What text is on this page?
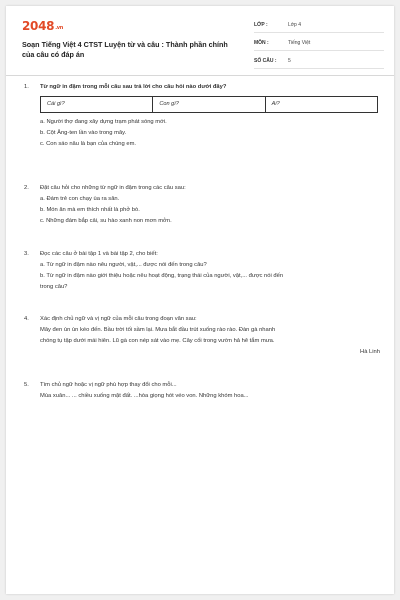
2048.vn
Soạn Tiếng Việt 4 CTST Luyện từ và câu : Thành phần chính của câu có đáp án
LỚP :	Lớp 4
MÔN :	Tiếng Việt
SỐ CÂU : 5
1. Từ ngữ in đậm trong mỗi câu sau trả lời cho câu hỏi nào dưới đây?
Cái gì?	Con gì?	Ai?
a. Người thợ đang xây dựng trạm phát sóng mới.
b. Cột Ăng-ten lần vào trong mây.
c. Con sáo nâu là bạn của chúng em.
2. Đặt câu hỏi cho những từ ngữ in đậm trong các câu sau:
a. Đám trẻ con chạy ùa ra sân.
b. Món ăn mà em thích nhất là phở bò.
c. Những đám bắp cải, su hào xanh non mơn mởn.
3. Đọc các câu ở bài tập 1 và bài tập 2, cho biết:
a. Từ ngữ in đậm nào nêu người, vật,... được nói đến trong câu?
b. Từ ngữ in đậm nào giới thiệu hoặc nêu hoạt động, trạng thái của người, vật,... được nói đến
trong câu?
4. Xác định chủ ngữ và vị ngữ của mỗi câu trong đoạn văn sau:
Mây đen ùn ùn kéo đến. Bầu trời tối sầm lại. Mưa bắt đầu trút xuống rào rào. Đàn gà nhanh
chóng tụ tập dưới mái hiên. Lũ gà con nép sát vào mẹ. Cây cối trong vườn hả hê tắm mưa.
Hà Linh
5. Tìm chủ ngữ hoặc vị ngữ phù hợp thay đổi cho mỗi...
Mùa xuân... ... chiều xuống mặt đất. ...hòa giọng hót véo von. Những khóm hoa...
